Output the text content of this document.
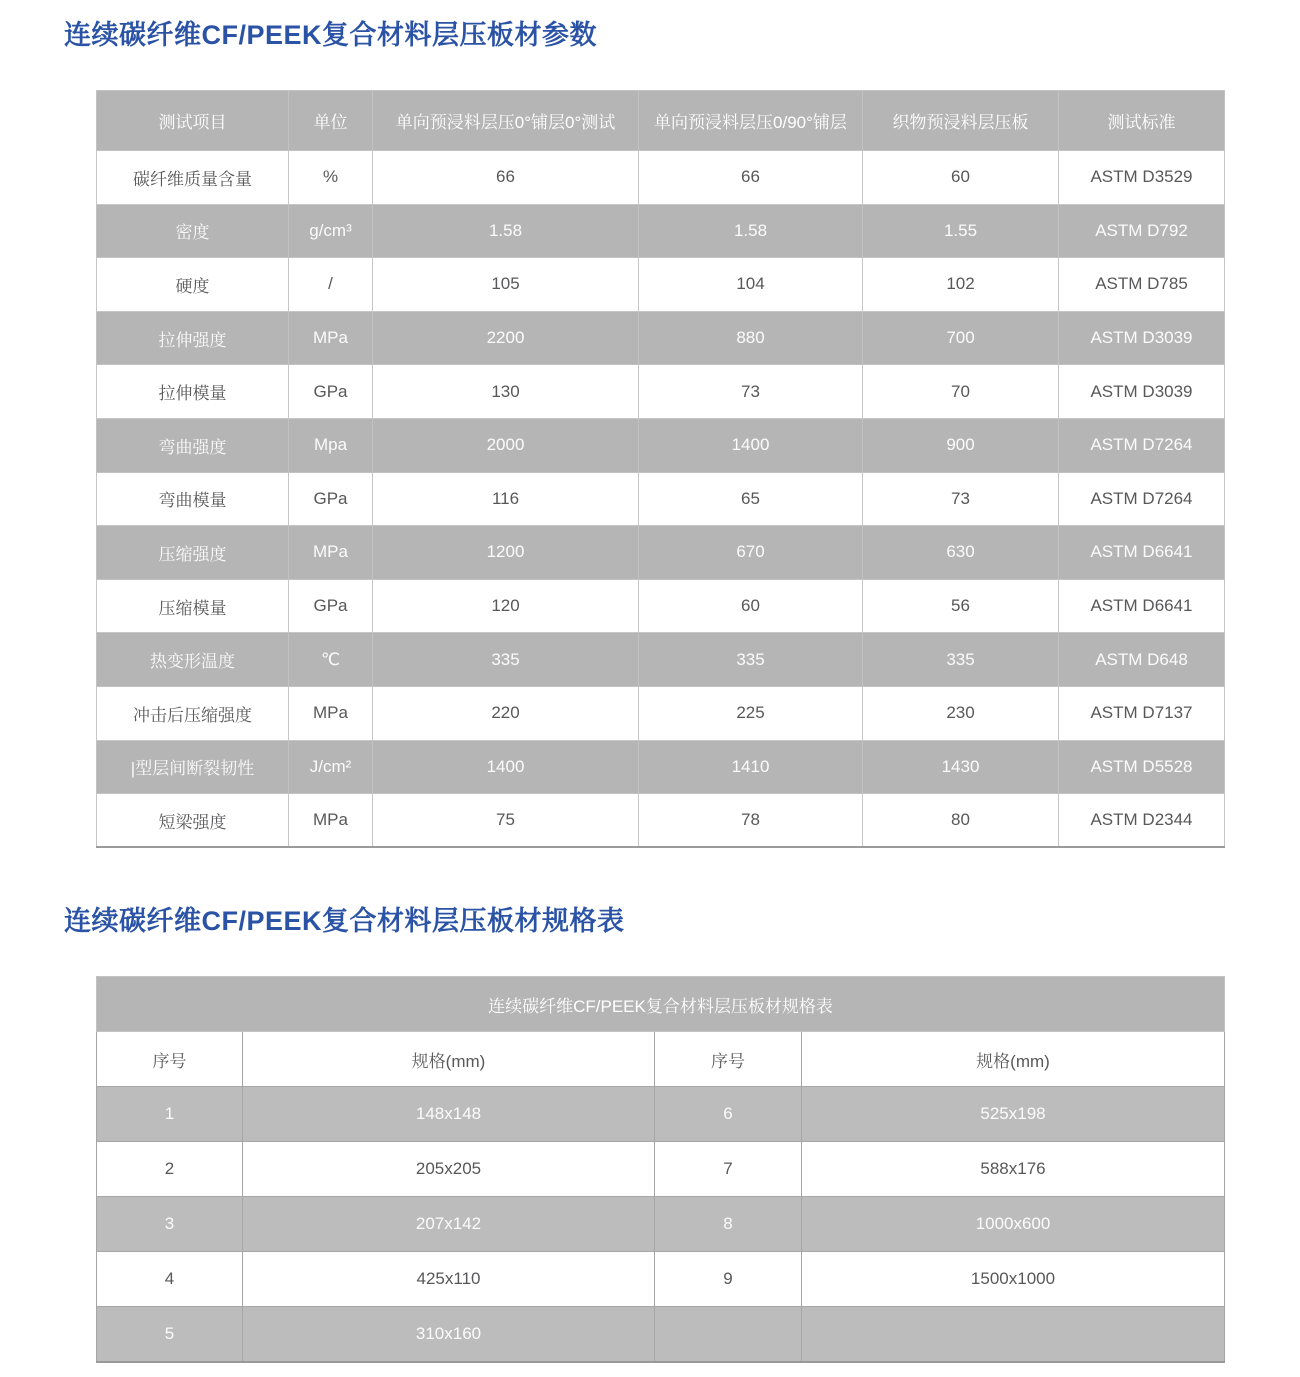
连续碳纤维CF/PEEK复合材料层压板材参数
测试项目	单位	单向预浸料层压0°铺层0°测试	单向预浸料层压0/90°铺层	织物预浸料层压板	测试标准
碳纤维质量含量	%	66	66	60	ASTM D3529
密度	g/cm³	1.58	1.58	1.55	ASTM D792
硬度	/	105	104	102	ASTM D785
拉伸强度	MPa	2200	880	700	ASTM D3039
拉伸模量	GPa	130	73	70	ASTM D3039
弯曲强度	Mpa	2000	1400	900	ASTM D7264
弯曲模量	GPa	116	65	73	ASTM D7264
压缩强度	MPa	1200	670	630	ASTM D6641
压缩模量	GPa	120	60	56	ASTM D6641
热变形温度	℃	335	335	335	ASTM D648
冲击后压缩强度	MPa	220	225	230	ASTM D7137
|型层间断裂韧性	J/cm²	1400	1410	1430	ASTM D5528
短梁强度	MPa	75	78	80	ASTM D2344
连续碳纤维CF/PEEK复合材料层压板材规格表
连续碳纤维CF/PEEK复合材料层压板材规格表			
序号	规格(mm)	序号	规格(mm)
1	148x148	6	525x198
2	205x205	7	588x176
3	207x142	8	1000x600
4	425x110	9	1500x1000
5	310x160		
